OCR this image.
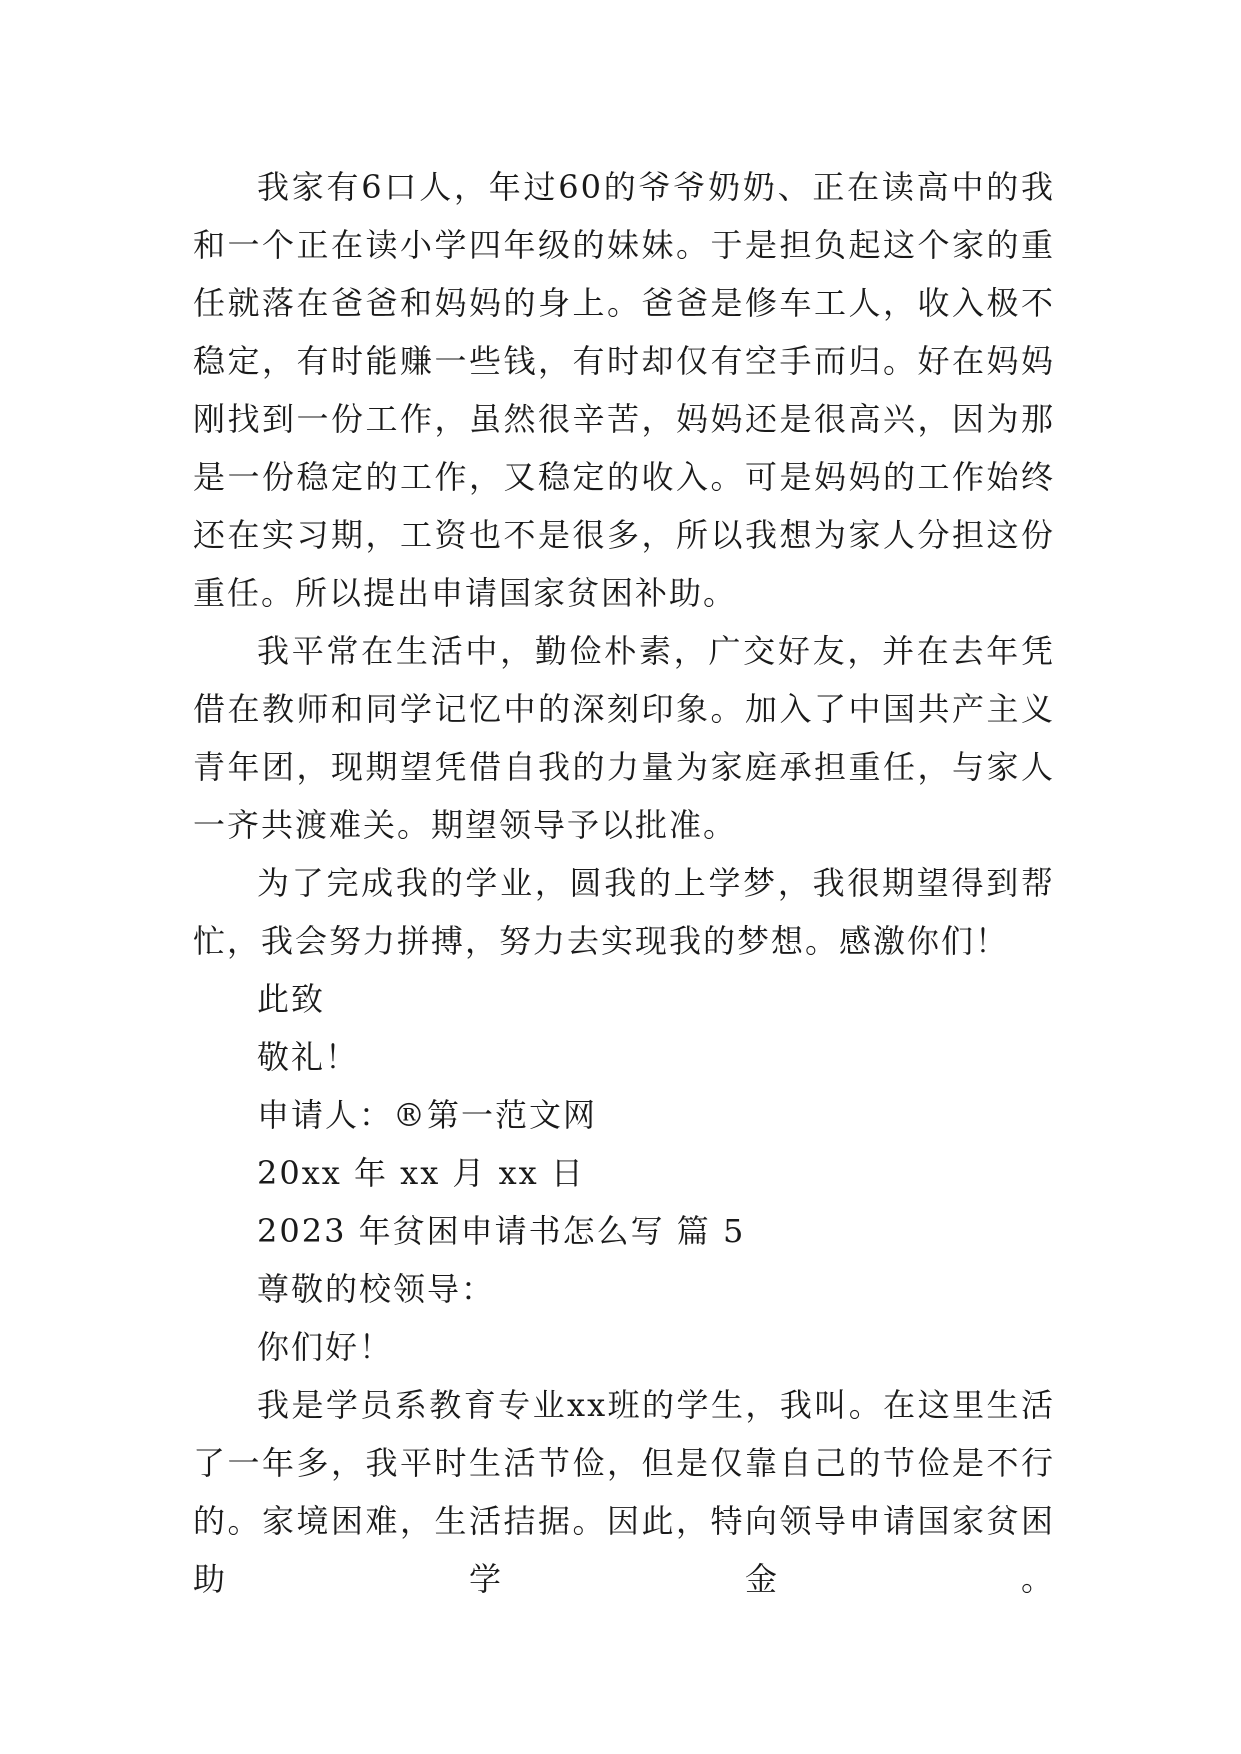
我家有6口人，年过60的爷爷奶奶、正在读高中的我和一个正在读小学四年级的妹妹。于是担负起这个家的重任就落在爸爸和妈妈的身上。爸爸是修车工人，收入极不稳定，有时能赚一些钱，有时却仅有空手而归。好在妈妈刚找到一份工作，虽然很辛苦，妈妈还是很高兴，因为那是一份稳定的工作，又稳定的收入。可是妈妈的工作始终还在实习期，工资也不是很多，所以我想为家人分担这份重任。所以提出申请国家贫困补助。

我平常在生活中，勤俭朴素，广交好友，并在去年凭借在教师和同学记忆中的深刻印象。加入了中国共产主义青年团，现期望凭借自我的力量为家庭承担重任，与家人一齐共渡难关。期望领导予以批准。

为了完成我的学业，圆我的上学梦，我很期望得到帮忙，我会努力拼搏，努力去实现我的梦想。感激你们！

此致

敬礼！

申请人：®第一范文网

20xx 年 xx 月 xx 日

2023 年贫困申请书怎么写 篇 5

尊敬的校领导：

你们好！

我是学员系教育专业xx班的学生，我叫。在这里生活了一年多，我平时生活节俭，但是仅靠自己的节俭是不行的。家境困难，生活拮据。因此，特向领导申请国家贫困助学金。
